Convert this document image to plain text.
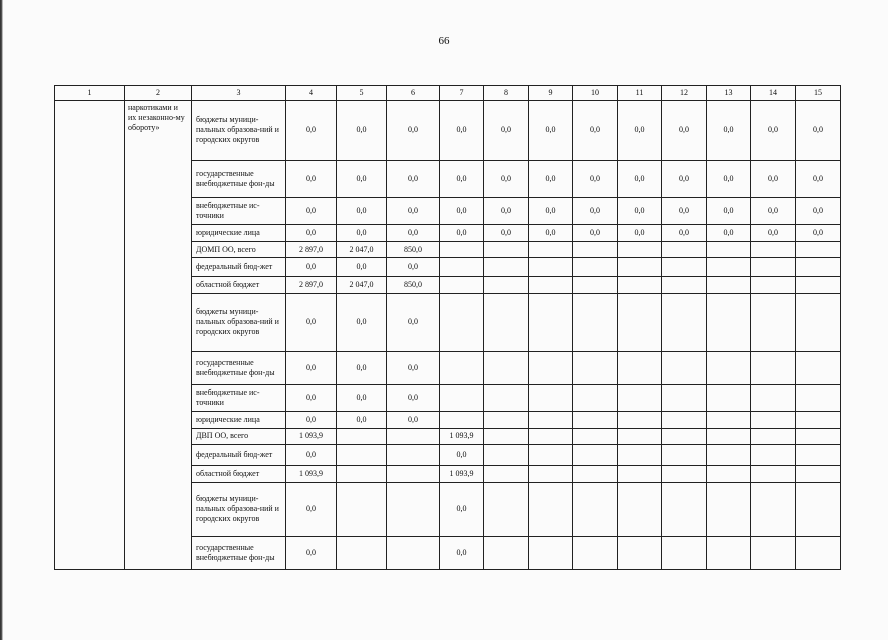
66
1	2	3	4	5	6	7	8	9	10	11	12	13	14	15
	наркотиками и их незаконно-му обороту»	бюджеты муници-пальных образова-ний и городских округов	0,0	0,0	0,0	0,0	0,0	0,0	0,0	0,0	0,0	0,0	0,0	0,0
		государственные внебюджетные фон-ды	0,0	0,0	0,0	0,0	0,0	0,0	0,0	0,0	0,0	0,0	0,0	0,0
		внебюджетные ис-точники	0,0	0,0	0,0	0,0	0,0	0,0	0,0	0,0	0,0	0,0	0,0	0,0
		юридические лица	0,0	0,0	0,0	0,0	0,0	0,0	0,0	0,0	0,0	0,0	0,0	0,0
		ДОМП ОО, всего	2 897,0	2 047,0	850,0									
		федеральный бюд-жет	0,0	0,0	0,0									
		областной бюджет	2 897,0	2 047,0	850,0									
		бюджеты муници-пальных образова-ний и городских округов	0,0	0,0	0,0									
		государственные внебюджетные фон-ды	0,0	0,0	0,0									
		внебюджетные ис-точники	0,0	0,0	0,0									
		юридические лица	0,0	0,0	0,0									
		ДВП ОО, всего	1 093,9			1 093,9								
		федеральный бюд-жет	0,0			0,0								
		областной бюджет	1 093,9			1 093,9								
		бюджеты муници-пальных образова-ний и городских округов	0,0			0,0								
		государственные внебюджетные фон-ды	0,0			0,0								
